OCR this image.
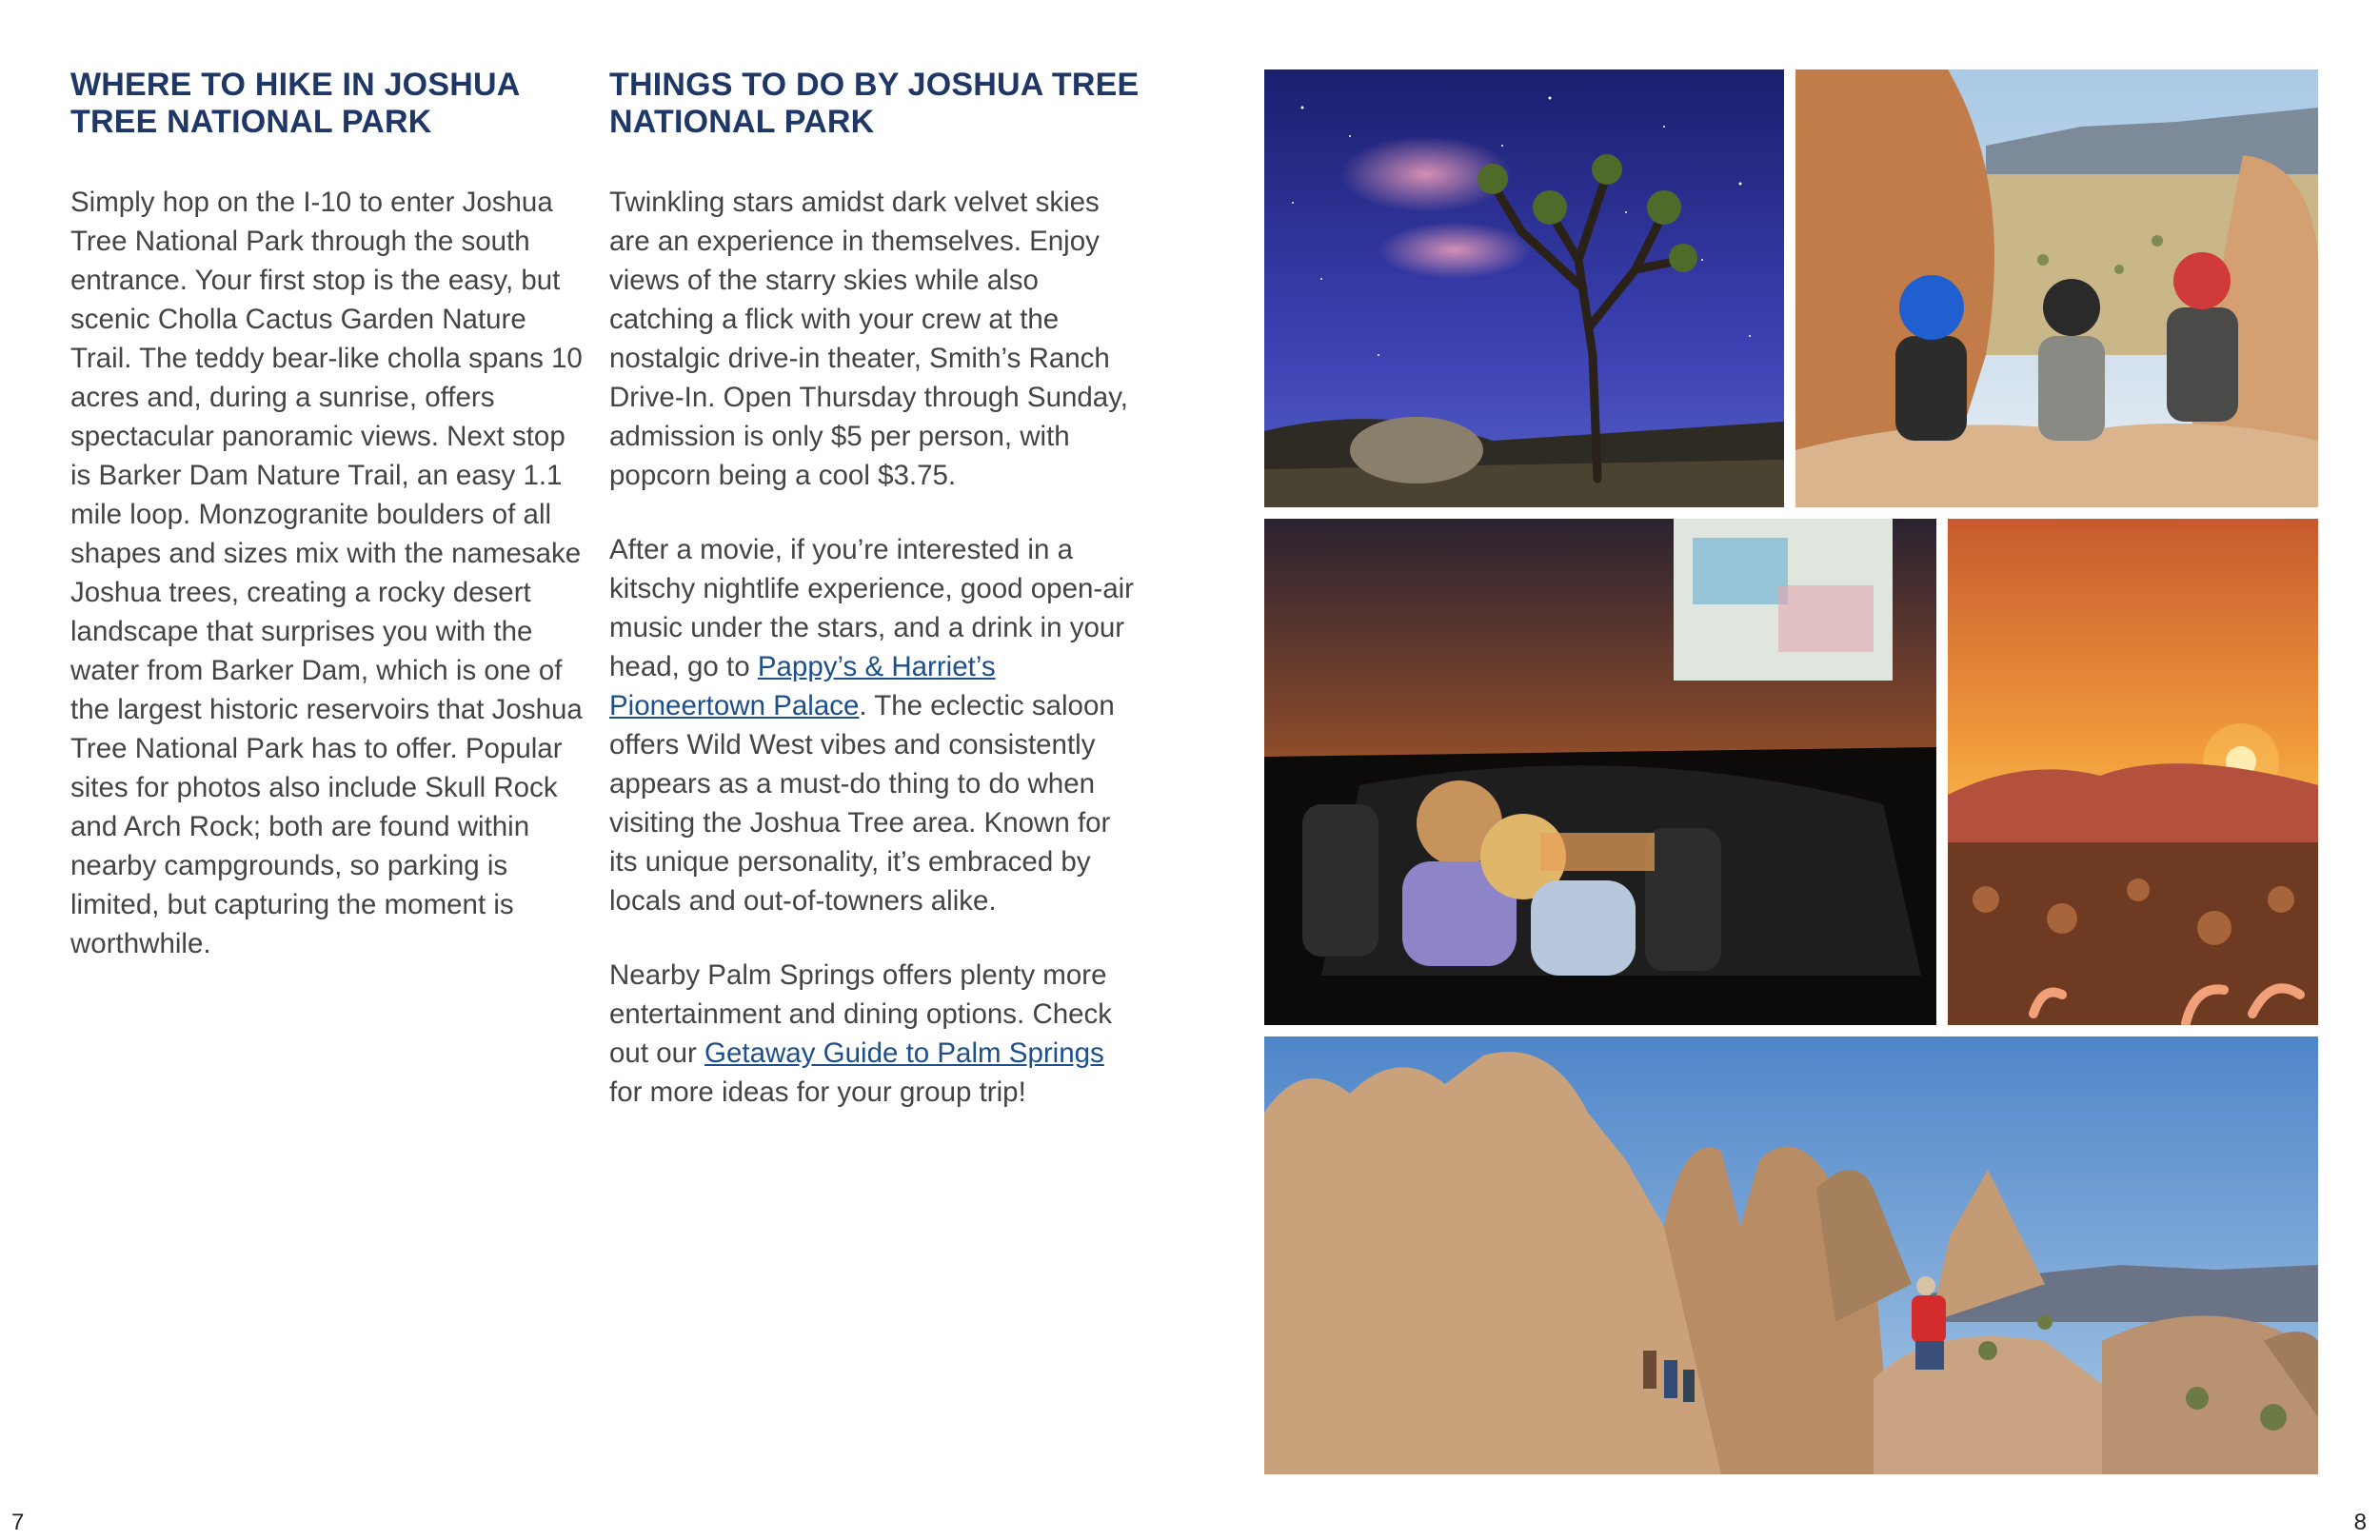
WHERE TO HIKE IN JOSHUA TREE NATIONAL PARK

Simply hop on the I-10 to enter Joshua Tree National Park through the south entrance. Your first stop is the easy, but scenic Cholla Cactus Garden Nature Trail. The teddy bear-like cholla spans 10 acres and, during a sunrise, offers spectacular panoramic views. Next stop is Barker Dam Nature Trail, an easy 1.1 mile loop. Monzogranite boulders of all shapes and sizes mix with the namesake Joshua trees, creating a rocky desert landscape that surprises you with the water from Barker Dam, which is one of the largest historic reservoirs that Joshua Tree National Park has to offer. Popular sites for photos also include Skull Rock and Arch Rock; both are found within nearby campgrounds, so parking is limited, but capturing the moment is worthwhile.

THINGS TO DO BY JOSHUA TREE NATIONAL PARK

Twinkling stars amidst dark velvet skies are an experience in themselves. Enjoy views of the starry skies while also catching a flick with your crew at the nostalgic drive-in theater, Smith’s Ranch Drive-In. Open Thursday through Sunday, admission is only $5 per person, with popcorn being a cool $3.75.

After a movie, if you’re interested in a kitschy nightlife experience, good open-air music under the stars, and a drink in your head, go to Pappy’s & Harriet’s Pioneertown Palace. The eclectic saloon offers Wild West vibes and consistently appears as a must-do thing to do when visiting the Joshua Tree area. Known for its unique personality, it’s embraced by locals and out-of-towners alike.

Nearby Palm Springs offers plenty more entertainment and dining options. Check out our Getaway Guide to Palm Springs for more ideas for your group trip!

7	8
